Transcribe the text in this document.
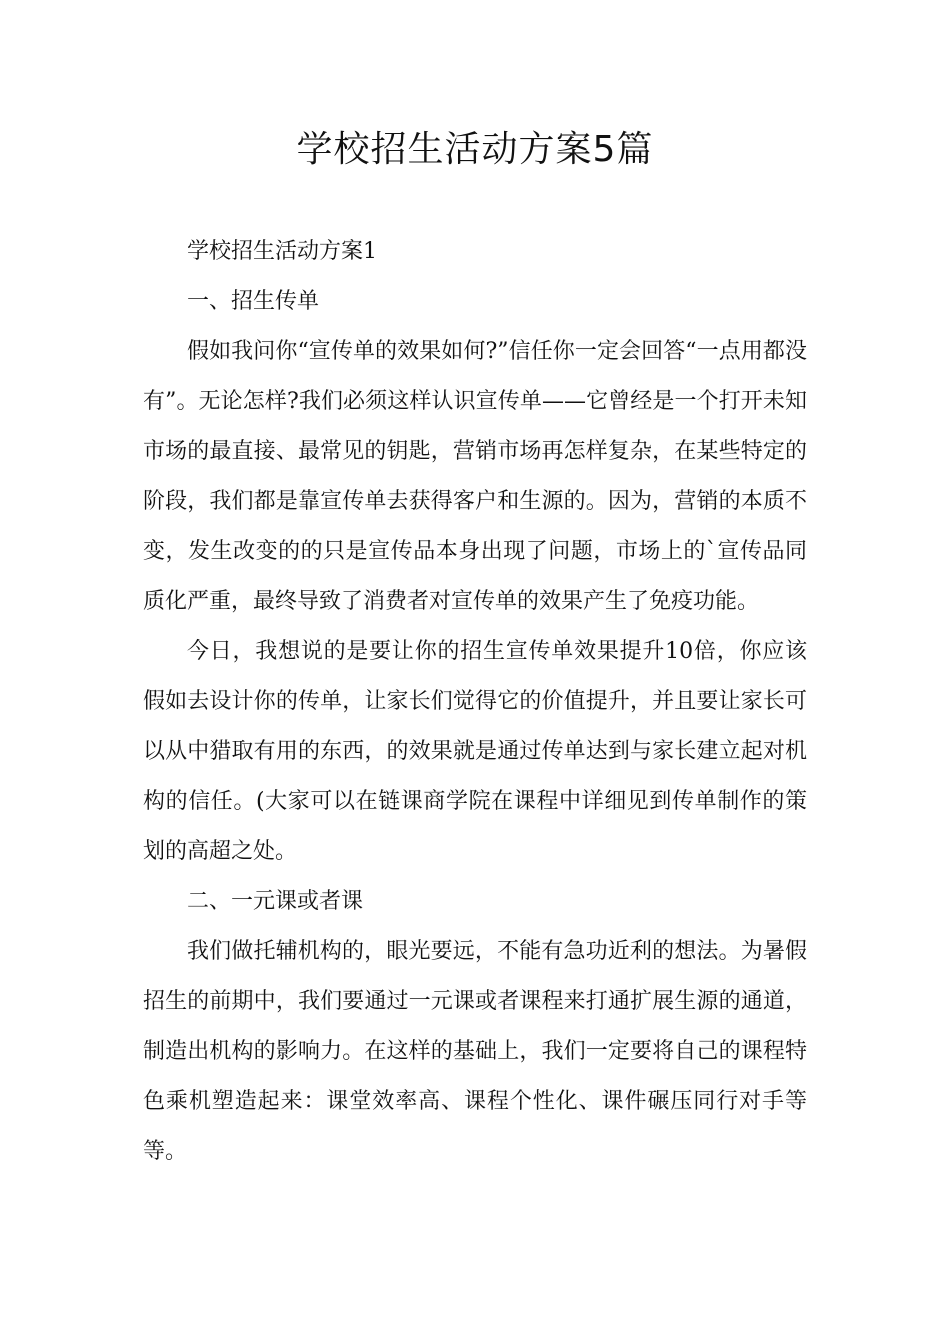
学校招生活动方案5篇

学校招生活动方案1

一、招生传单

假如我问你“宣传单的效果如何?”信任你一定会回答“一点用都没有”。无论怎样?我们必须这样认识宣传单——它曾经是一个打开未知市场的最直接、最常见的钥匙，营销市场再怎样复杂，在某些特定的阶段，我们都是靠宣传单去获得客户和生源的。因为，营销的本质不变，发生改变的的只是宣传品本身出现了问题，市场上的`宣传品同质化严重，最终导致了消费者对宣传单的效果产生了免疫功能。

今日，我想说的是要让你的招生宣传单效果提升10倍，你应该假如去设计你的传单，让家长们觉得它的价值提升，并且要让家长可以从中猎取有用的东西，的效果就是通过传单达到与家长建立起对机构的信任。(大家可以在链课商学院在课程中详细见到传单制作的策划的高超之处。

二、一元课或者课

我们做托辅机构的，眼光要远，不能有急功近利的想法。为暑假招生的前期中，我们要通过一元课或者课程来打通扩展生源的通道，制造出机构的影响力。在这样的基础上，我们一定要将自己的课程特色乘机塑造起来：课堂效率高、课程个性化、课件碾压同行对手等等。
